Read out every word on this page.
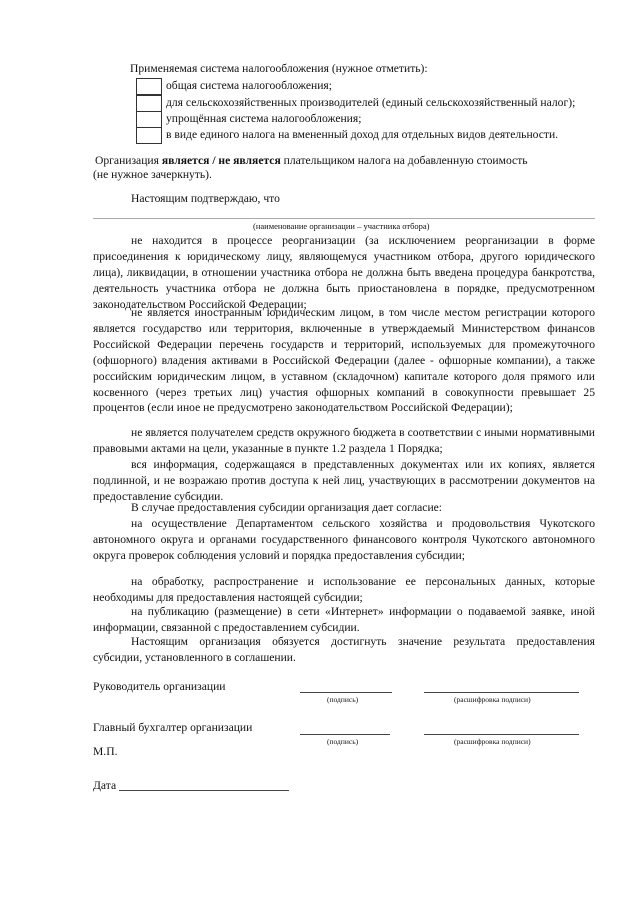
Применяемая система налогообложения (нужное отметить):
общая система налогообложения;
для сельскохозяйственных производителей (единый сельскохозяйственный налог);
упрощённая система налогообложения;
в виде единого налога на вмененный доход для отдельных видов деятельности.
Организация является / не является плательщиком налога на добавленную стоимость
(не нужное зачеркнуть).
Настоящим подтверждаю, что
(наименование организации – участника отбора)
не находится в процессе реорганизации (за исключением реорганизации в форме присоединения к юридическому лицу, являющемуся участником отбора, другого юридического лица), ликвидации, в отношении участника отбора не должна быть введена процедура банкротства, деятельность участника отбора не должна быть приостановлена в порядке, предусмотренном законодательством Российской Федерации;
не является иностранным юридическим лицом, в том числе местом регистрации которого является государство или территория, включенные в утверждаемый Министерством финансов Российской Федерации перечень государств и территорий, используемых для промежуточного (офшорного) владения активами в Российской Федерации (далее - офшорные компании), а также российским юридическим лицом, в уставном (складочном) капитале которого доля прямого или косвенного (через третьих лиц) участия офшорных компаний в совокупности превышает 25 процентов (если иное не предусмотрено законодательством Российской Федерации);
не является получателем средств окружного бюджета в соответствии с иными нормативными правовыми актами на цели, указанные в пункте 1.2 раздела 1 Порядка;
вся информация, содержащаяся в представленных документах или их копиях, является подлинной, и не возражаю против доступа к ней лиц, участвующих в рассмотрении документов на предоставление субсидии.
В случае предоставления субсидии организация дает согласие:
на осуществление Департаментом сельского хозяйства и продовольствия Чукотского автономного округа и органами государственного финансового контроля Чукотского автономного округа проверок соблюдения условий и порядка предоставления субсидии;
на обработку, распространение и использование ее персональных данных, которые необходимы для предоставления настоящей субсидии;
на публикацию (размещение) в сети «Интернет» информации о подаваемой заявке, иной информации, связанной с предоставлением субсидии.
Настоящим организация обязуется достигнуть значение результата предоставления субсидии, установленного в соглашении.
Руководитель организации
(подпись)	(расшифровка подписи)
Главный бухгалтер организации
(подпись)	(расшифровка подписи)
М.П.
Дата
